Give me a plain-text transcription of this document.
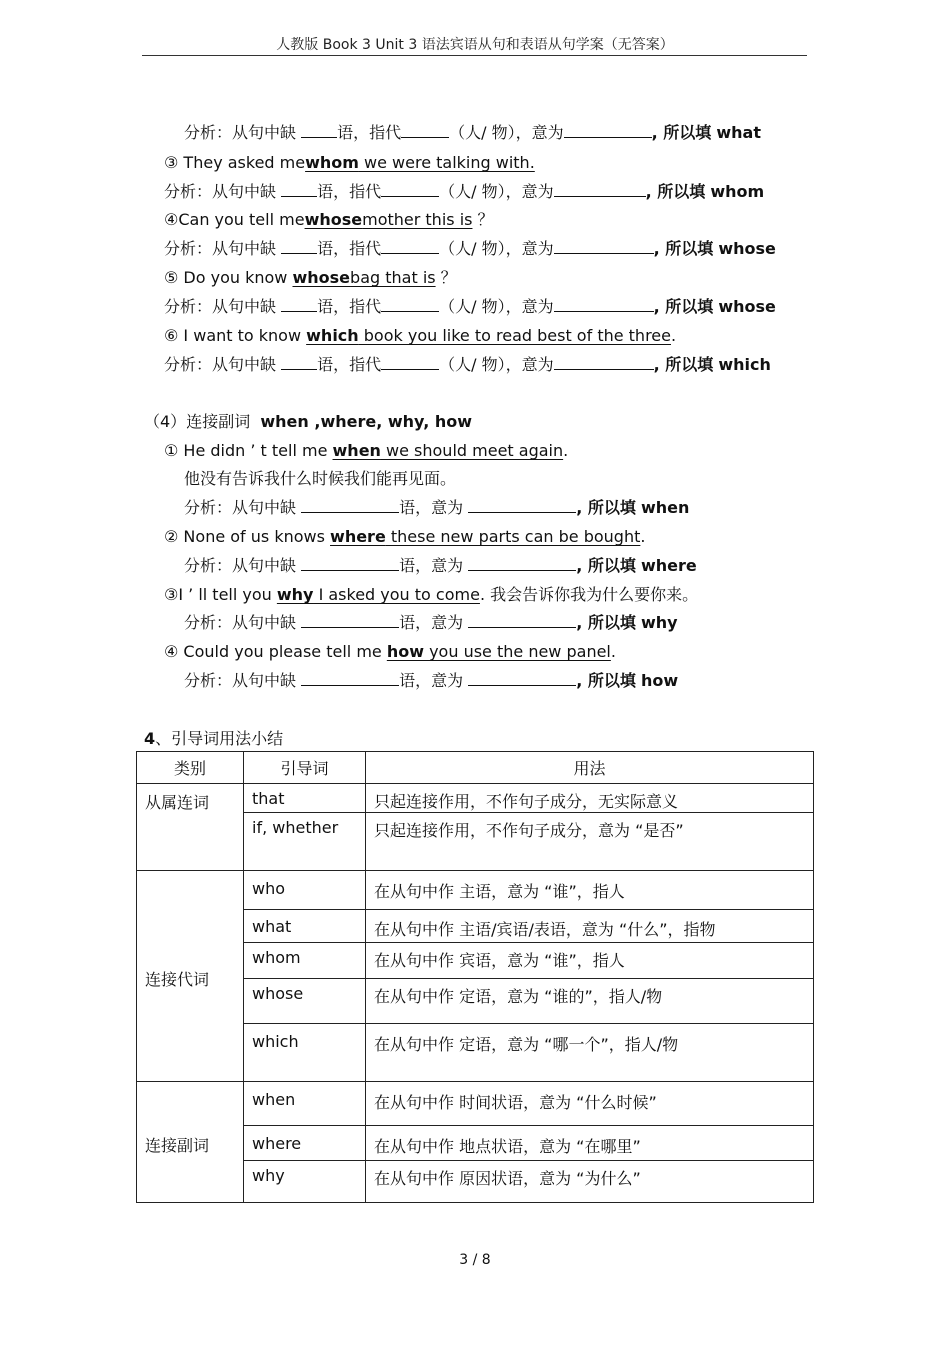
人教版 Book 3 Unit 3 语法宾语从句和表语从句学案（无答案）
分析：从句中缺 语，指代	（人/ 物），意为	, 所以填 what
③ They asked mewhom we were talking with.
分析：从句中缺 语，指代	（人/ 物），意为	, 所以填 whom
④Can you tell mewhosemother this is ？
分析：从句中缺 语，指代	（人/ 物），意为	, 所以填 whose
⑤ Do you know whosebag that is ？
分析：从句中缺 语，指代	（人/ 物），意为	, 所以填 whose
⑥ I want to know which book you like to read best of the three.
分析：从句中缺 语，指代	（人/ 物），意为	, 所以填 which
（4）连接副词 when ,where, why, how
① He didn ’ t tell me when we should meet again.
他没有告诉我什么时候我们能再见面。
分析：从句中缺	语，意为	, 所以填 when
② None of us knows where these new parts can be bought.
分析：从句中缺	语，意为	, 所以填 where
③I ’ ll tell you why I asked you to come. 我会告诉你我为什么要你来。
分析：从句中缺	语，意为	, 所以填 why
④ Could you please tell me how you use the new panel.
分析：从句中缺	语，意为	, 所以填 how
4、引导词用法小结
类别	引导词	用法
从属连词	that	只起连接作用，不作句子成分，无实际意义
	if, whether	只起连接作用，不作句子成分，意为 “是否”
连接代词	who	在从句中作 主语，意为 “谁”，指人
	what	在从句中作 主语/宾语/表语，意为 “什么”，指物
	whom	在从句中作 宾语，意为 “谁”，指人
	whose	在从句中作 定语，意为 “谁的”，指人/物
	which	在从句中作 定语，意为 “哪一个”，指人/物
连接副词	when	在从句中作 时间状语，意为 “什么时候”
	where	在从句中作 地点状语，意为 “在哪里”
	why	在从句中作 原因状语，意为 “为什么”
3 / 8
